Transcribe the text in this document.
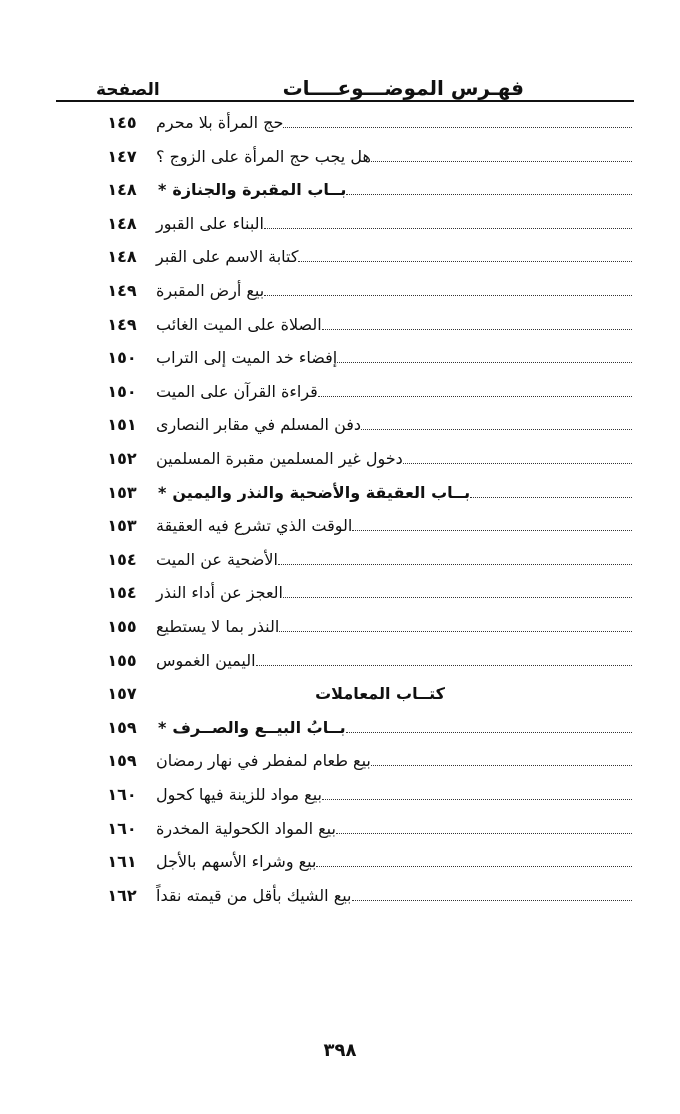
فهـرس الموضـــوعــــات
الصفحة
حج المرأة بلا محرم
١٤٥
هل يجب حج المرأة على الزوج ؟
١٤٧
* بــاب المقبرة والجنازة
١٤٨
البناء على القبور
١٤٨
كتابة الاسم على القبر
١٤٨
بيع أرض المقبرة
١٤٩
الصلاة على الميت الغائب
١٤٩
إفضاء خد الميت إلى التراب
١٥٠
قراءة القرآن على الميت
١٥٠
دفن المسلم في مقابر النصارى
١٥١
دخول غير المسلمين مقبرة المسلمين
١٥٢
* بــاب العقيقة والأضحية والنذر واليمين
١٥٣
الوقت الذي تشرع فيه العقيقة
١٥٣
الأضحية عن الميت
١٥٤
العجز عن أداء النذر
١٥٤
النذر بما لا يستطيع
١٥٥
اليمين الغموس
١٥٥
كتــاب المعاملات
١٥٧
* بــابُ البيــع والصــرف
١٥٩
بيع طعام لمفطر في نهار رمضان
١٥٩
بيع مواد للزينة فيها كحول
١٦٠
بيع المواد الكحولية المخدرة
١٦٠
بيع وشراء الأسهم بالأجل
١٦١
بيع الشيك بأقل من قيمته نقداً
١٦٢
٣٩٨
